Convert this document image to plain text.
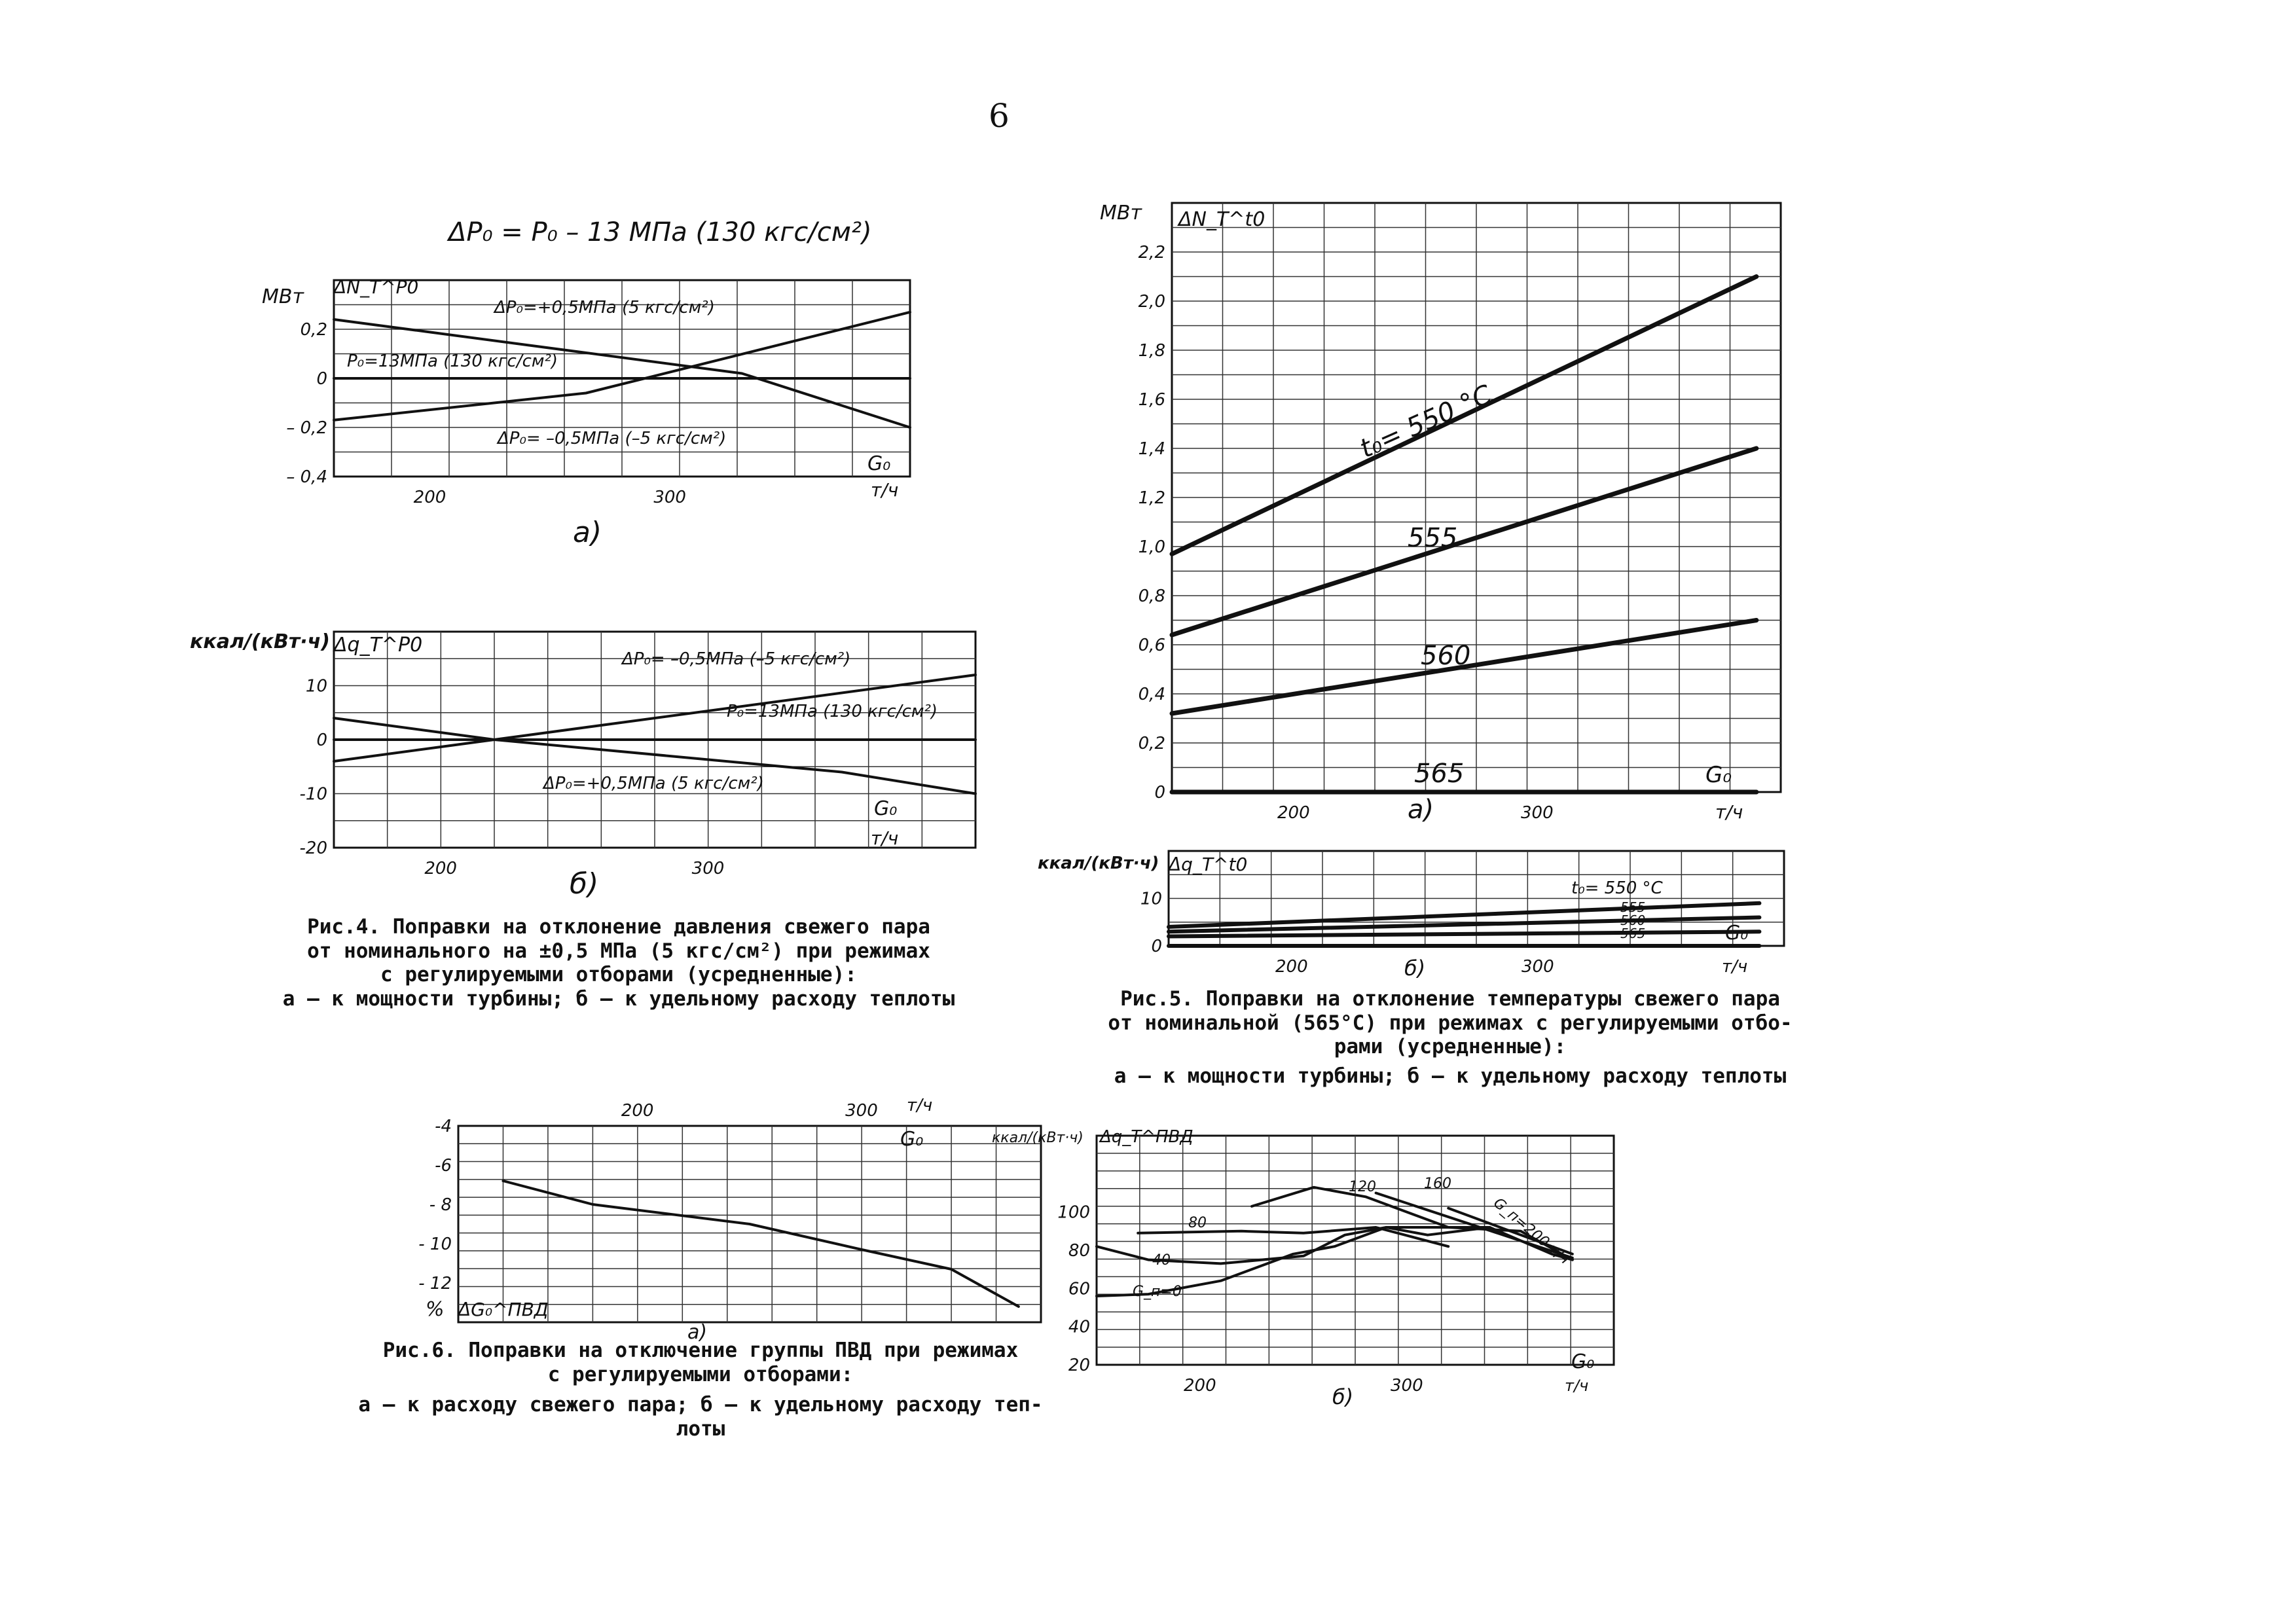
6
200	300
0,2
0
– 0,2
– 0,4
ΔP₀ = P₀ – 13 МПа (130 кгс/см²)
МВт ΔN_T^P0
ΔP₀=+0,5МПа (5 кгс/см²)
P₀=13МПа (130 кгс/см²)
ΔP₀= –0,5МПа (–5 кгс/см²)
G₀
т/ч
а)
200	300
10
0
-10
-20
ккал/(кВт·ч) Δq_T^P0
ΔP₀= –0,5МПа (–5 кгс/см²)
P₀=13МПа (130 кгс/см²)
ΔP₀=+0,5МПа (5 кгс/см²)
G₀
т/ч
б)
Рис.4. Поправки на отклонение давления свежего пара
от номинального на ±0,5 МПа (5 кгс/см²) при режимах
с регулируемыми отборами (усредненные):
а – к мощности турбины; б – к удельному расходу теплоты
200	300
0
0,2
0,4
0,6
0,8
1,0
1,2
1,4
1,6
1,8
2,0
2,2
МВт ΔN_T^t0
t₀= 550 °C
555
560
565	G₀
т/ч
а)
200	300
0
10
ккал/(кВт·ч) Δq_T^t0
t₀= 550 °C
555
560
565	G₀
т/ч
б)
Рис.5. Поправки на отклонение температуры свежего пара
от номинальной (565°С) при режимах с регулируемыми отбо-
рами (усредненные):
а – к мощности турбины; б – к удельному расходу теплоты
200	300
-4
-6
- 8
- 10
- 12
% ΔG₀^ПВД
G₀
т/ч
а)
200	300
20
40
60
80
100
ккал/(кВт·ч) Δq_T^ПВД
G_п=0
40
80
120	160
G_п=200 т/ч
G₀
т/ч
б)
Рис.6. Поправки на отключение группы ПВД при режимах
с регулируемыми отборами:
а – к расходу свежего пара; б – к удельному расходу теп-
лоты
